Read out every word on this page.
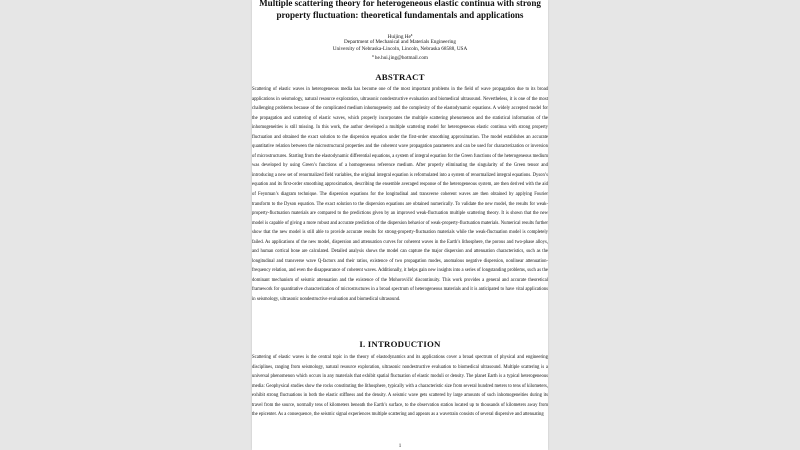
Multiple scattering theory for heterogeneous elastic continua with strong property fluctuation: theoretical fundamentals and applications
Huijing He$^a$
Department of Mechanical and Materials Engineering
University of Nebraska-Lincoln, Lincoln, Nebraska 68588, USA
$^a$ he.hui.jing@hotmail.com
ABSTRACT
Scattering of elastic waves in heterogeneous media has become one of the most important problems in the field of wave propagation due to its broad applications in seismology, natural resource exploration, ultrasonic nondestructive evaluation and biomedical ultrasound. Nevertheless, it is one of the most challenging problems because of the complicated medium inhomogeneity and the complexity of the elastodynamic equations. A widely accepted model for the propagation and scattering of elastic waves, which properly incorporates the multiple scattering phenomenon and the statistical information of the inhomogeneities is still missing. In this work, the author developed a multiple scattering model for heterogeneous elastic continua with strong property fluctuation and obtained the exact solution to the dispersion equation under the first-order smoothing approximation. The model establishes an accurate quantitative relation between the microstructural properties and the coherent wave propagation parameters and can be used for characterization or inversion of microstructures. Starting from the elastodynamic differential equations, a system of integral equation for the Green functions of the heterogeneous medium was developed by using Green’s functions of a homogeneous reference medium. After properly eliminating the singularity of the Green tensor and introducing a new set of renormalized field variables, the original integral equation is reformulated into a system of renormalized integral equations. Dyson’s equation and its first-order smoothing approximation, describing the ensemble averaged response of the heterogeneous system, are then derived with the aid of Feynman’s diagram technique. The dispersion equations for the longitudinal and transverse coherent waves are then obtained by applying Fourier transform to the Dyson equation. The exact solution to the dispersion equations are obtained numerically. To validate the new model, the results for weak-property-fluctuation materials are compared to the predictions given by an improved weak-fluctuation multiple scattering theory. It is shown that the new model is capable of giving a more robust and accurate prediction of the dispersion behavior of weak-property-fluctuation materials. Numerical results further show that the new model is still able to provide accurate results for strong-property-fluctuation materials while the weak-fluctuation model is completely failed. As applications of the new model, dispersion and attenuation curves for coherent waves in the Earth’s lithosphere, the porous and two-phase alloys, and human cortical bone are calculated. Detailed analysis shows the model can capture the major dispersion and attenuation characteristics, such as the longitudinal and transverse wave Q-factors and their ratios, existence of two propagation modes, anomalous negative dispersion, nonlinear attenuation-frequency relation, and even the disappearance of coherent waves. Additionally, it helps gain new insights into a series of longstanding problems, such as the dominant mechanism of seismic attenuation and the existence of the Mohorovičić discontinuity. This work provides a general and accurate theoretical framework for quantitative characterization of microstructures in a broad spectrum of heterogeneous materials and it is anticipated to have vital applications in seismology, ultrasonic nondestructive evaluation and biomedical ultrasound.
I. INTRODUCTION
Scattering of elastic waves is the central topic in the theory of elastodynamics and its applications cover a broad spectrum of physical and engineering disciplines, ranging from seismology, natural resource exploration, ultrasonic nondestructive evaluation to biomedical ultrasound. Multiple scattering is a universal phenomenon which occurs in any materials that exhibit spatial fluctuation of elastic moduli or density. The planet Earth is a typical heterogeneous media: Geophysical studies show the rocks constituting the lithosphere, typically with a characteristic size from several hundred meters to tens of kilometers, exhibit strong fluctuations in both the elastic stiffness and the density. A seismic wave gets scattered by large amounts of such inhomogeneities during its travel from the source, normally tens of kilometers beneath the Earth’s surface, to the observation station located up to thousands of kilometers away from the epicenter. As a consequence, the seismic signal experiences multiple scattering and appears as a wavetrain consists of several dispersive and attenuating
1
